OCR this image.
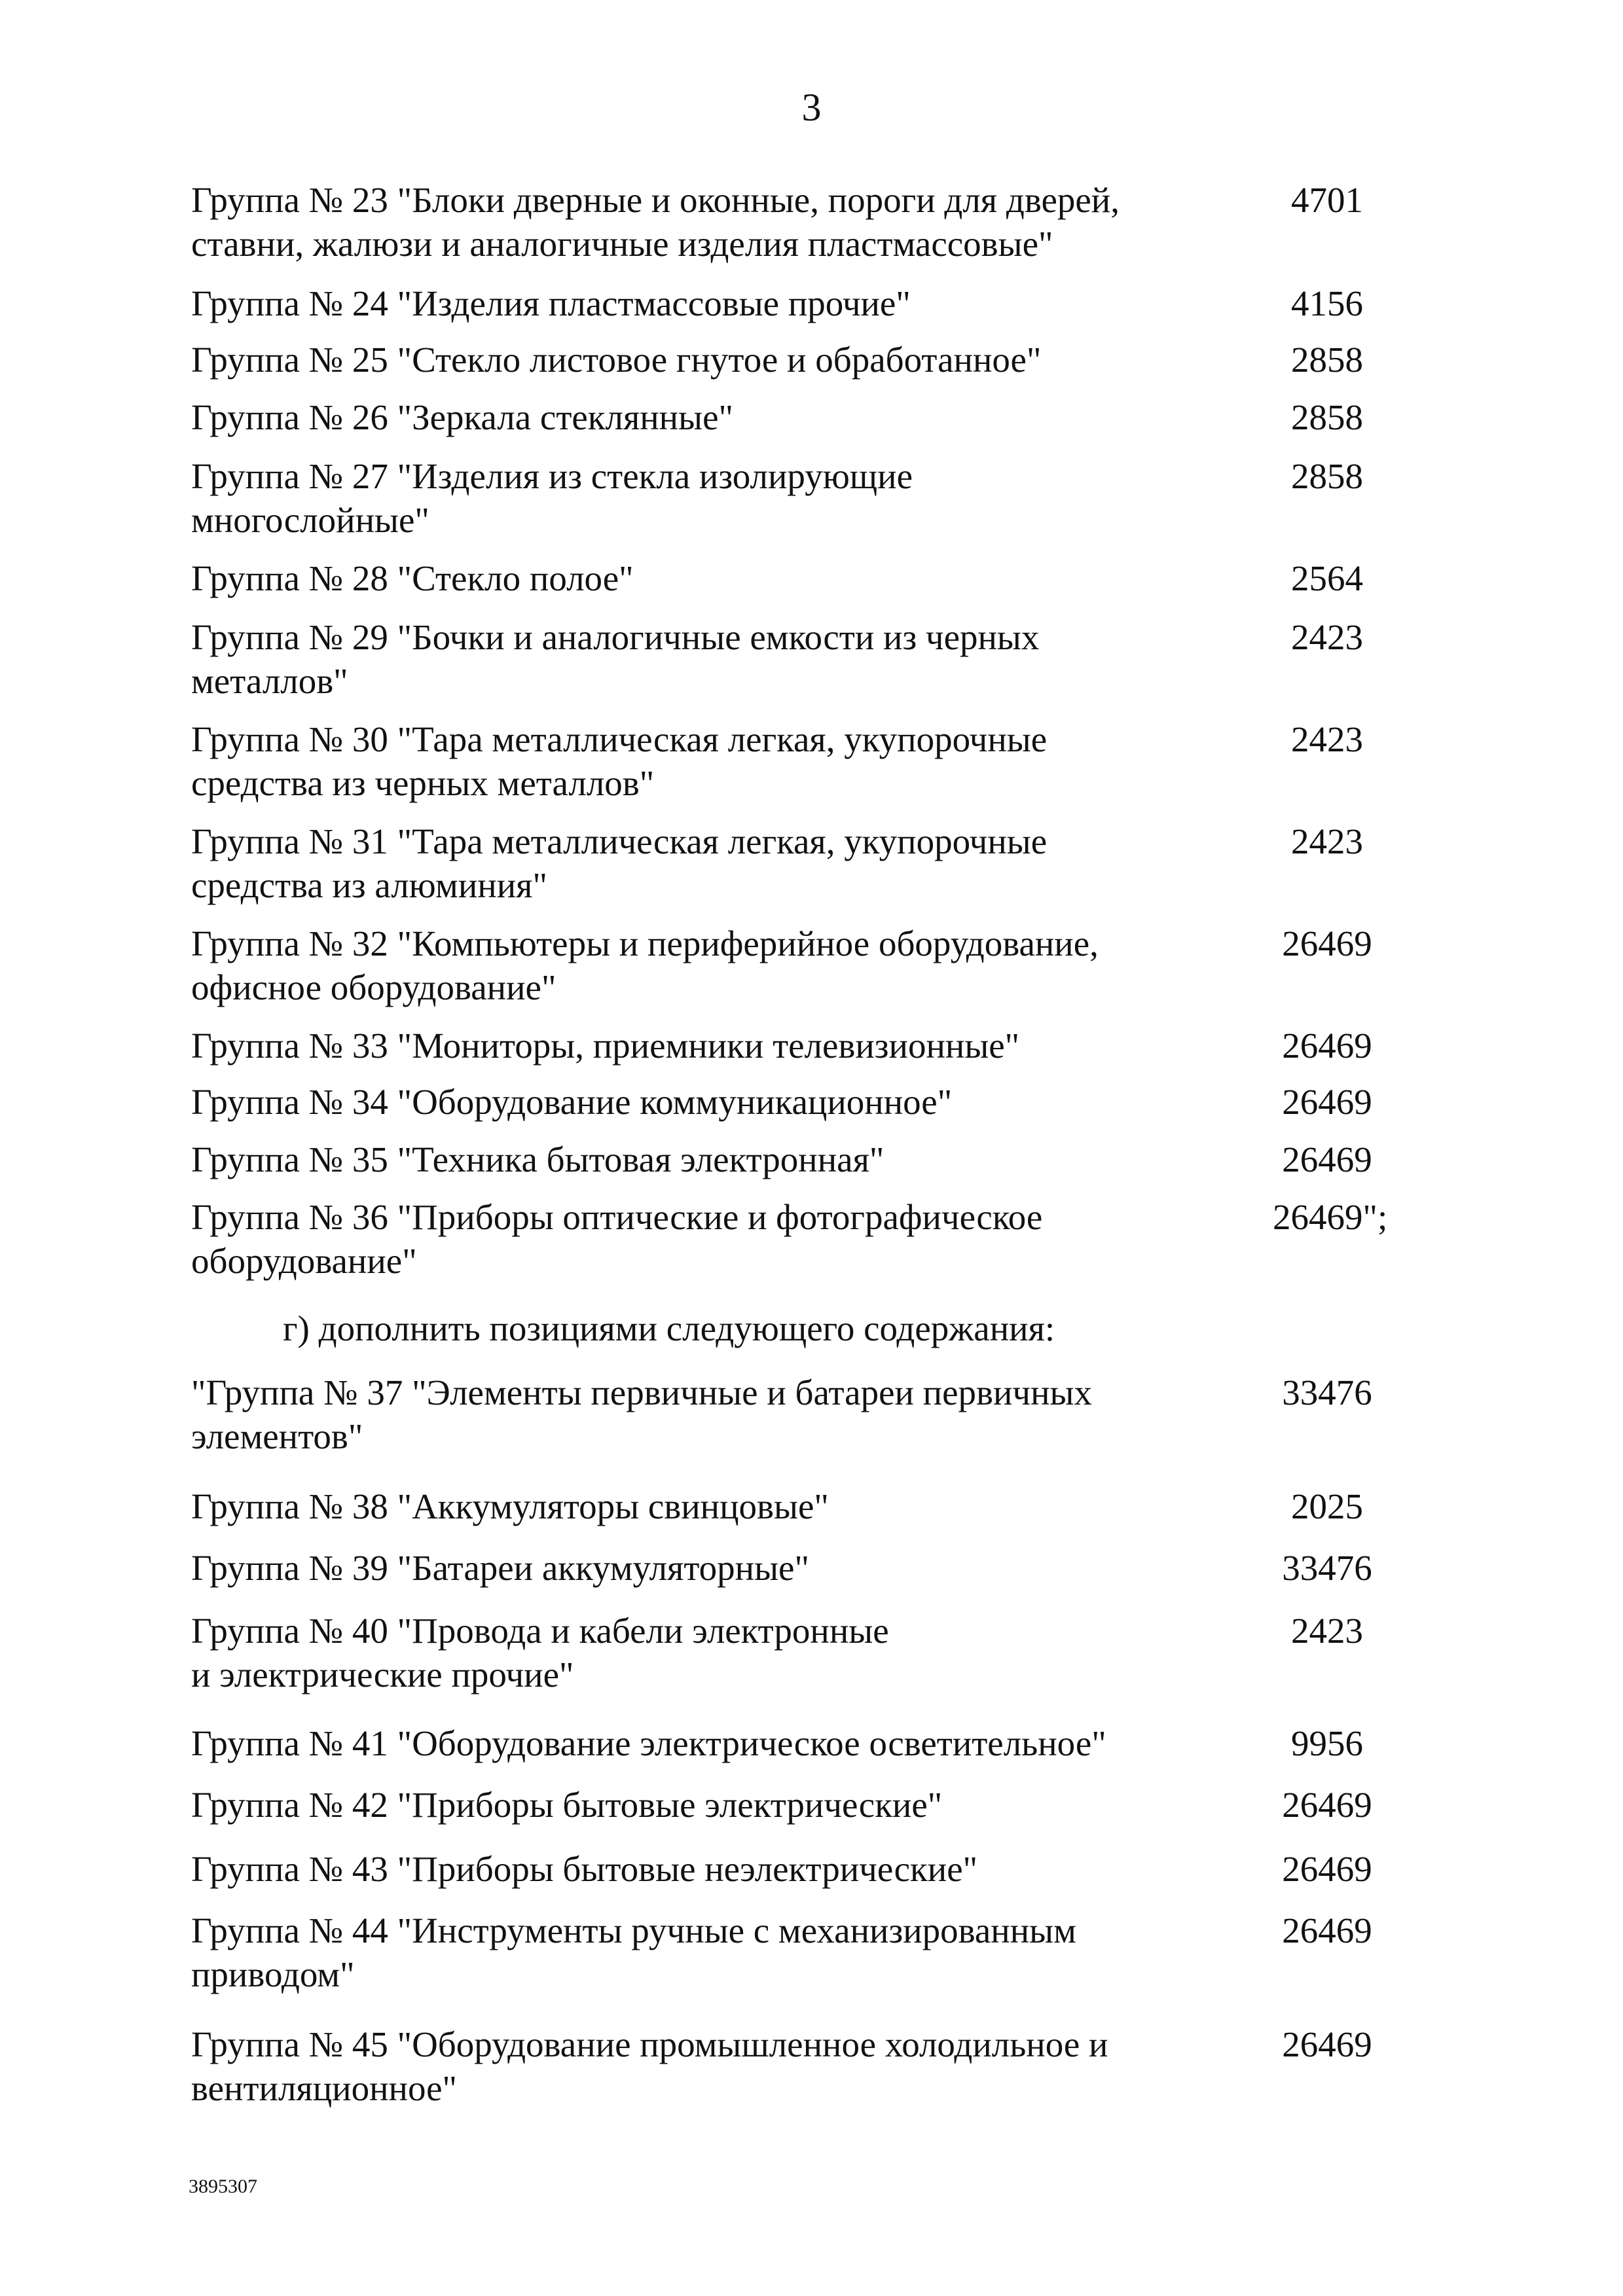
3
Группа № 23 "Блоки дверные и оконные, пороги для дверей,
ставни, жалюзи и аналогичные изделия пластмассовые"
4701
Группа № 24 "Изделия пластмассовые прочие"	4156
Группа № 25 "Стекло листовое гнутое и обработанное"	2858
Группа № 26 "Зеркала стеклянные"	2858
Группа № 27 "Изделия из стекла изолирующие
многослойные"
2858
Группа № 28 "Стекло полое"	2564
Группа № 29 "Бочки и аналогичные емкости из черных
металлов"
2423
Группа № 30 "Тара металлическая легкая, укупорочные
средства из черных металлов"
2423
Группа № 31 "Тара металлическая легкая, укупорочные
средства из алюминия"
2423
Группа № 32 "Компьютеры и периферийное оборудование,
офисное оборудование"
26469
Группа № 33 "Мониторы, приемники телевизионные"	26469
Группа № 34 "Оборудование коммуникационное"	26469
Группа № 35 "Техника бытовая электронная"	26469
Группа № 36 "Приборы оптические и фотографическое
оборудование"
26469";
г) дополнить позициями следующего содержания:
"Группа № 37 "Элементы первичные и батареи первичных
элементов"
33476
Группа № 38 "Аккумуляторы свинцовые"	2025
Группа № 39 "Батареи аккумуляторные"	33476
Группа № 40 "Провода и кабели электронные
и электрические прочие"
2423
Группа № 41 "Оборудование электрическое осветительное"	9956
Группа № 42 "Приборы бытовые электрические"	26469
Группа № 43 "Приборы бытовые неэлектрические"	26469
Группа № 44 "Инструменты ручные с механизированным
приводом"
26469
Группа № 45 "Оборудование промышленное холодильное и
вентиляционное"
26469
3895307
